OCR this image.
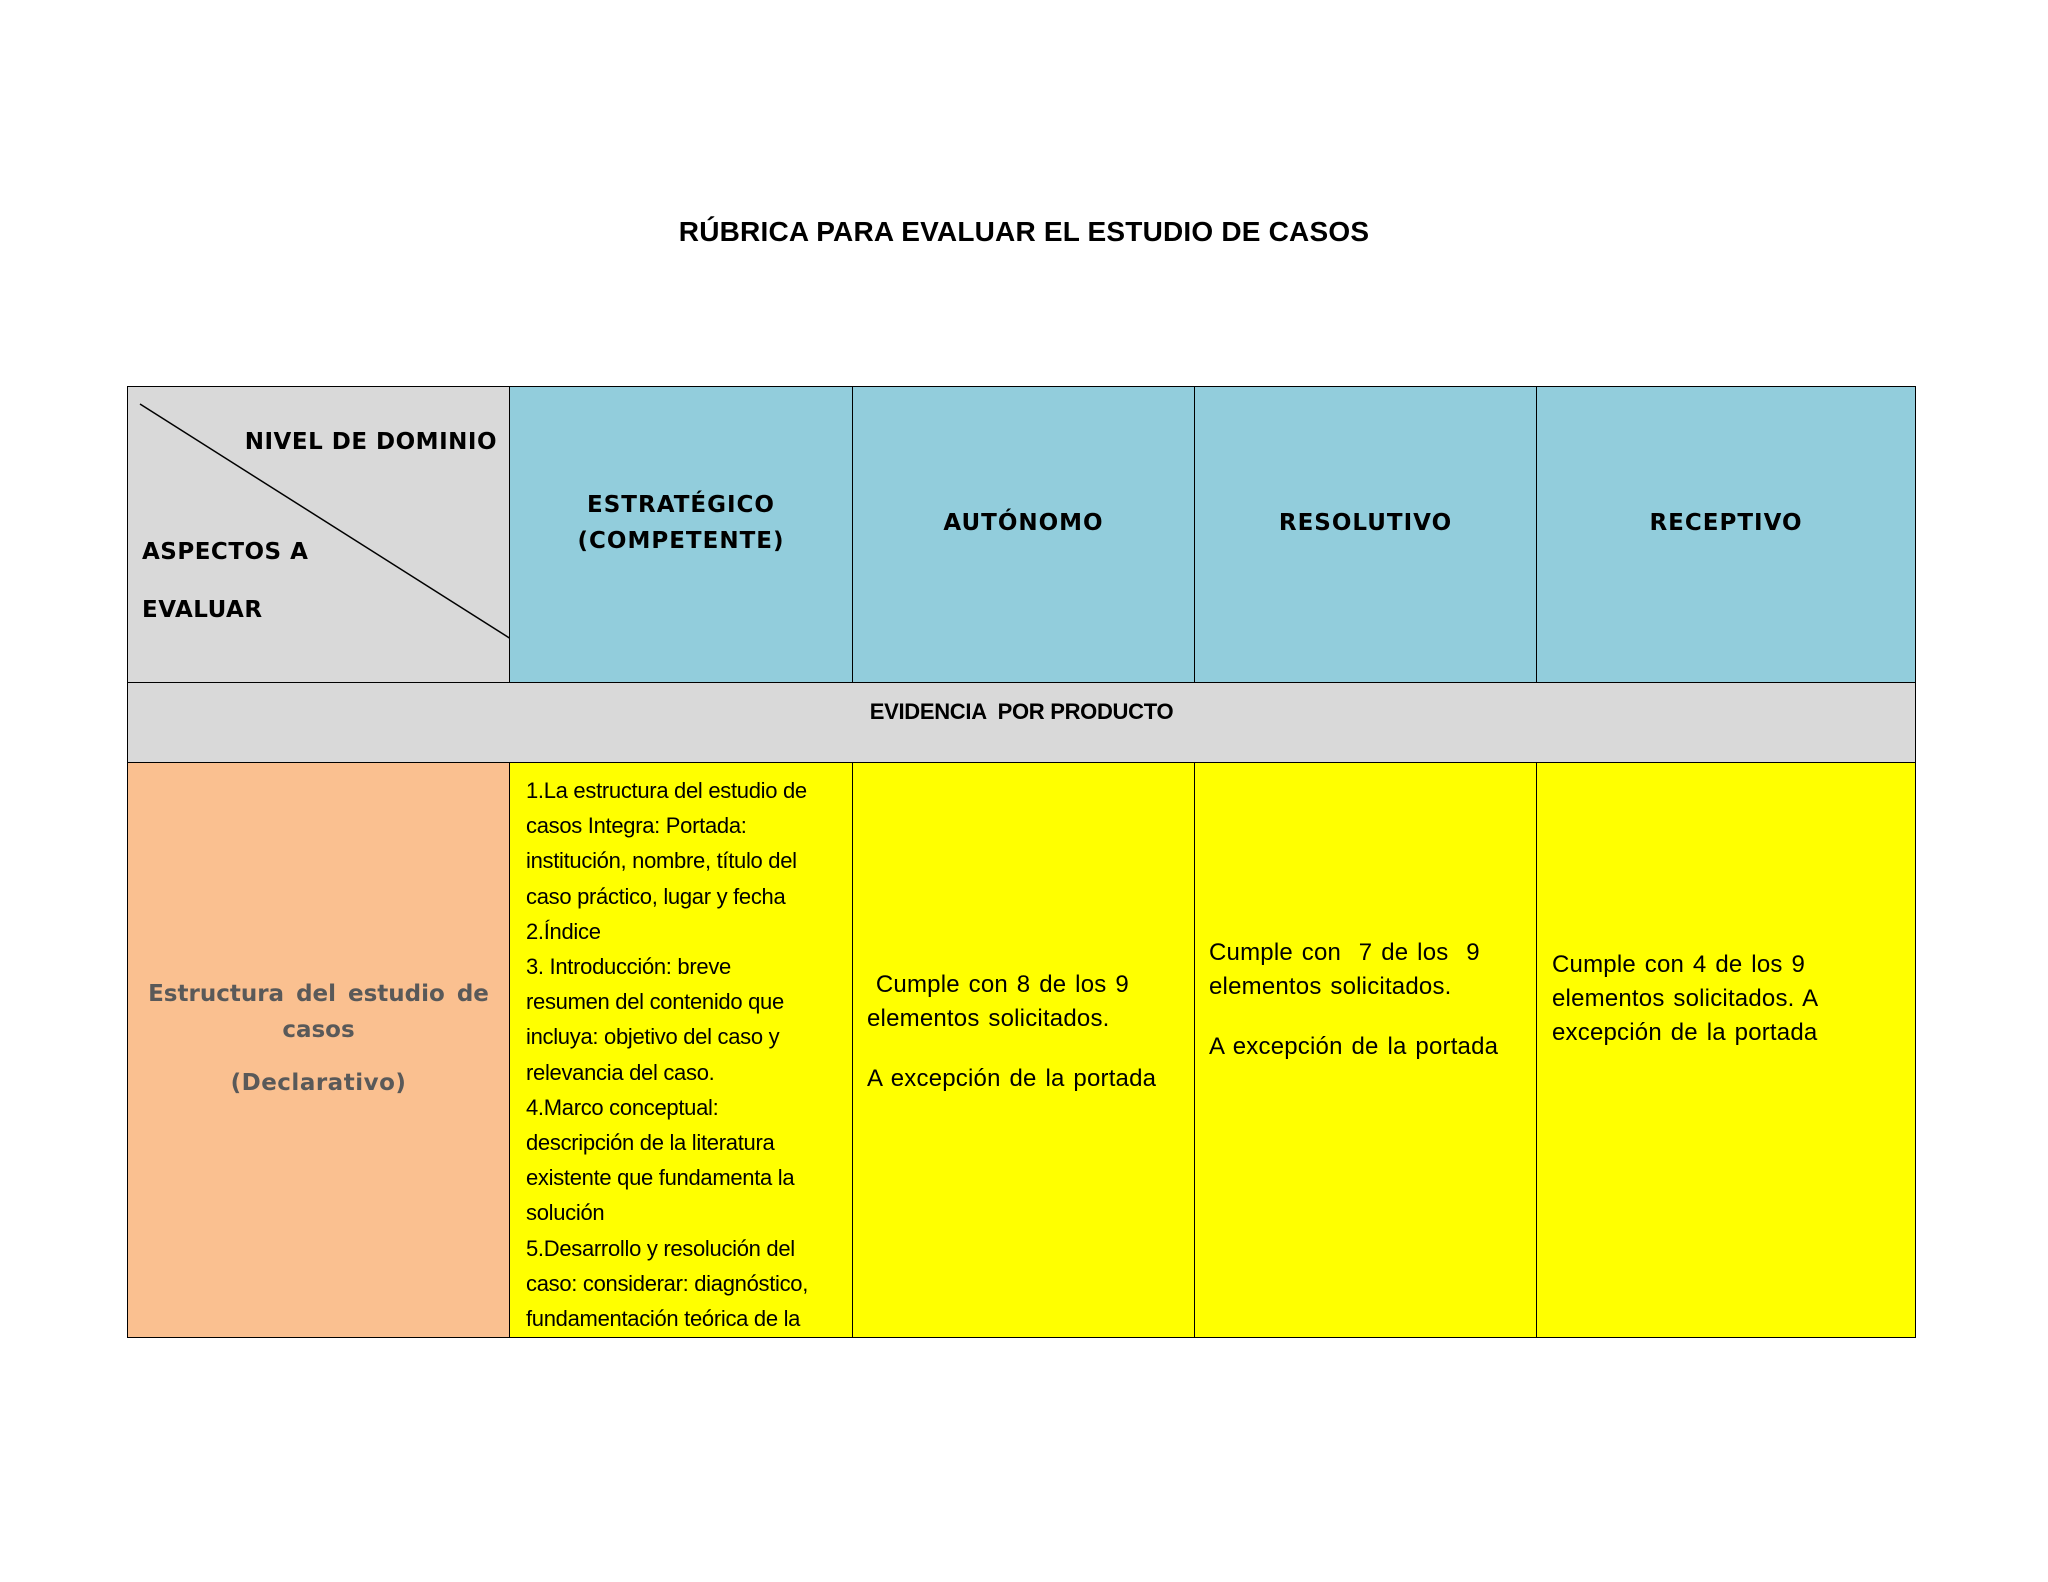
RÚBRICA PARA EVALUAR EL ESTUDIO DE CASOS
NIVEL DE DOMINIO
ASPECTOS A
EVALUAR
ESTRATÉGICO
(COMPETENTE)
AUTÓNOMO	RESOLUTIVO	RECEPTIVO
EVIDENCIA  POR PRODUCTO
Estructura del estudio de casos
(Declarativo)
1.La estructura del estudio de
casos Integra: Portada:
institución, nombre, título del
caso práctico, lugar y fecha
2.Índice
3. Introducción: breve
resumen del contenido que
incluya: objetivo del caso y
relevancia del caso.
4.Marco conceptual:
descripción de la literatura
existente que fundamenta la
solución
5.Desarrollo y resolución del
caso: considerar: diagnóstico,
fundamentación teórica de la

Cumple con 8 de los 9 elementos solicitados.

A excepción de la portada

Cumple con  7 de los  9 elementos solicitados.

A excepción de la portada

Cumple con 4 de los 9 elementos solicitados. A excepción de la portada
